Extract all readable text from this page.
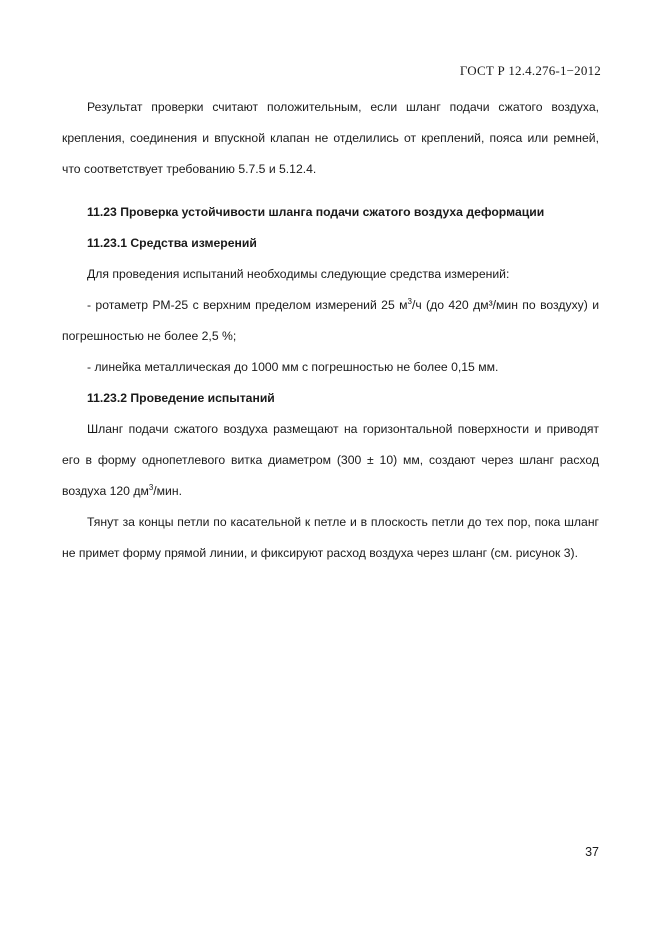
ГОСТ Р 12.4.276-1−2012

Результат проверки считают положительным, если шланг подачи сжатого воздуха, крепления, соединения и впускной клапан не отделились от креплений, пояса или ремней, что соответствует требованию 5.7.5 и 5.12.4.

11.23 Проверка устойчивости шланга подачи сжатого воздуха деформации

11.23.1 Средства измерений

Для проведения испытаний необходимы следующие средства измерений:

- ротаметр РМ-25 с верхним пределом измерений 25 $м^3/ч$ (до 420 дм³/мин по воздуху) и погрешностью не более 2,5 %;

- линейка металлическая до 1000 мм с погрешностью не более 0,15 мм.

11.23.2 Проведение испытаний

Шланг подачи сжатого воздуха размещают на горизонтальной поверхности и приводят его в форму однопетлевого витка диаметром (300 ± 10) мм, создают через шланг расход воздуха 120 $дм^3$/мин.

Тянут за концы петли по касательной к петле и в плоскость петли до тех пор, пока шланг не примет форму прямой линии, и фиксируют расход воздуха через шланг (см. рисунок 3).

37
